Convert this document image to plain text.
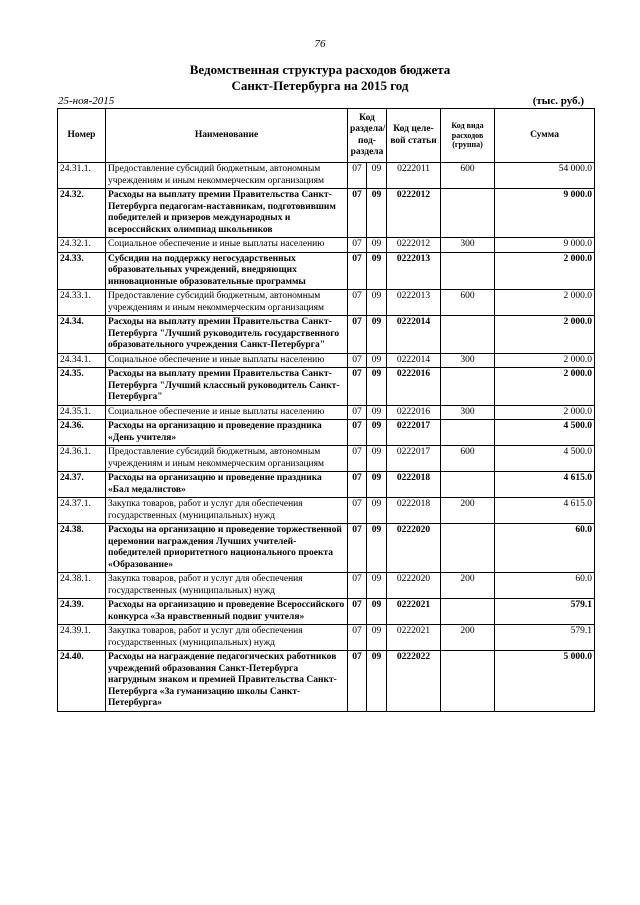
76
Ведомственная структура расходов бюджета
Санкт-Петербурга на 2015 год
25-ноя-2015	(тыс. руб.)
Номер	Наименование	Код раздела/ под-раздела		Код целе-вой статьи	Код вида расходов (группа)	Сумма
24.31.1.	Предоставление субсидий бюджетным, автономным учреждениям и иным некоммерческим организациям	07	09	0222011	600	54 000.0
24.32.	Расходы на выплату премии Правительства Санкт-Петербурга педагогам-наставникам, подготовившим победителей и призеров международных и всероссийских олимпиад школьников	07	09	0222012		9 000.0
24.32.1.	Социальное обеспечение и иные выплаты населению	07	09	0222012	300	9 000.0
24.33.	Субсидии на поддержку негосударственных образовательных учреждений, внедряющих инновационные образовательные программы	07	09	0222013		2 000.0
24.33.1.	Предоставление субсидий бюджетным, автономным учреждениям и иным некоммерческим организациям	07	09	0222013	600	2 000.0
24.34.	Расходы на выплату премии Правительства Санкт-Петербурга "Лучший руководитель государственного образовательного учреждения Санкт-Петербурга"	07	09	0222014		2 000.0
24.34.1.	Социальное обеспечение и иные выплаты населению	07	09	0222014	300	2 000.0
24.35.	Расходы на выплату премии Правительства Санкт-Петербурга "Лучший классный руководитель Санкт-Петербурга"	07	09	0222016		2 000.0
24.35.1.	Социальное обеспечение и иные выплаты населению	07	09	0222016	300	2 000.0
24.36.	Расходы на организацию и проведение праздника «День учителя»	07	09	0222017		4 500.0
24.36.1.	Предоставление субсидий бюджетным, автономным учреждениям и иным некоммерческим организациям	07	09	0222017	600	4 500.0
24.37.	Расходы на организацию и проведение праздника «Бал медалистов»	07	09	0222018		4 615.0
24.37.1.	Закупка товаров, работ и услуг для обеспечения государственных (муниципальных) нужд	07	09	0222018	200	4 615.0
24.38.	Расходы на организацию и проведение торжественной церемонии награждения Лучших учителей-победителей приоритетного национального проекта «Образование»	07	09	0222020		60.0
24.38.1.	Закупка товаров, работ и услуг для обеспечения государственных (муниципальных) нужд	07	09	0222020	200	60.0
24.39.	Расходы на организацию и проведение Всероссийского конкурса «За нравственный подвиг учителя»	07	09	0222021		579.1
24.39.1.	Закупка товаров, работ и услуг для обеспечения государственных (муниципальных) нужд	07	09	0222021	200	579.1
24.40.	Расходы на награждение педагогических работников учреждений образования Санкт-Петербурга нагрудным знаком и премией Правительства Санкт-Петербурга «За гуманизацию школы Санкт-Петербурга»	07	09	0222022		5 000.0
